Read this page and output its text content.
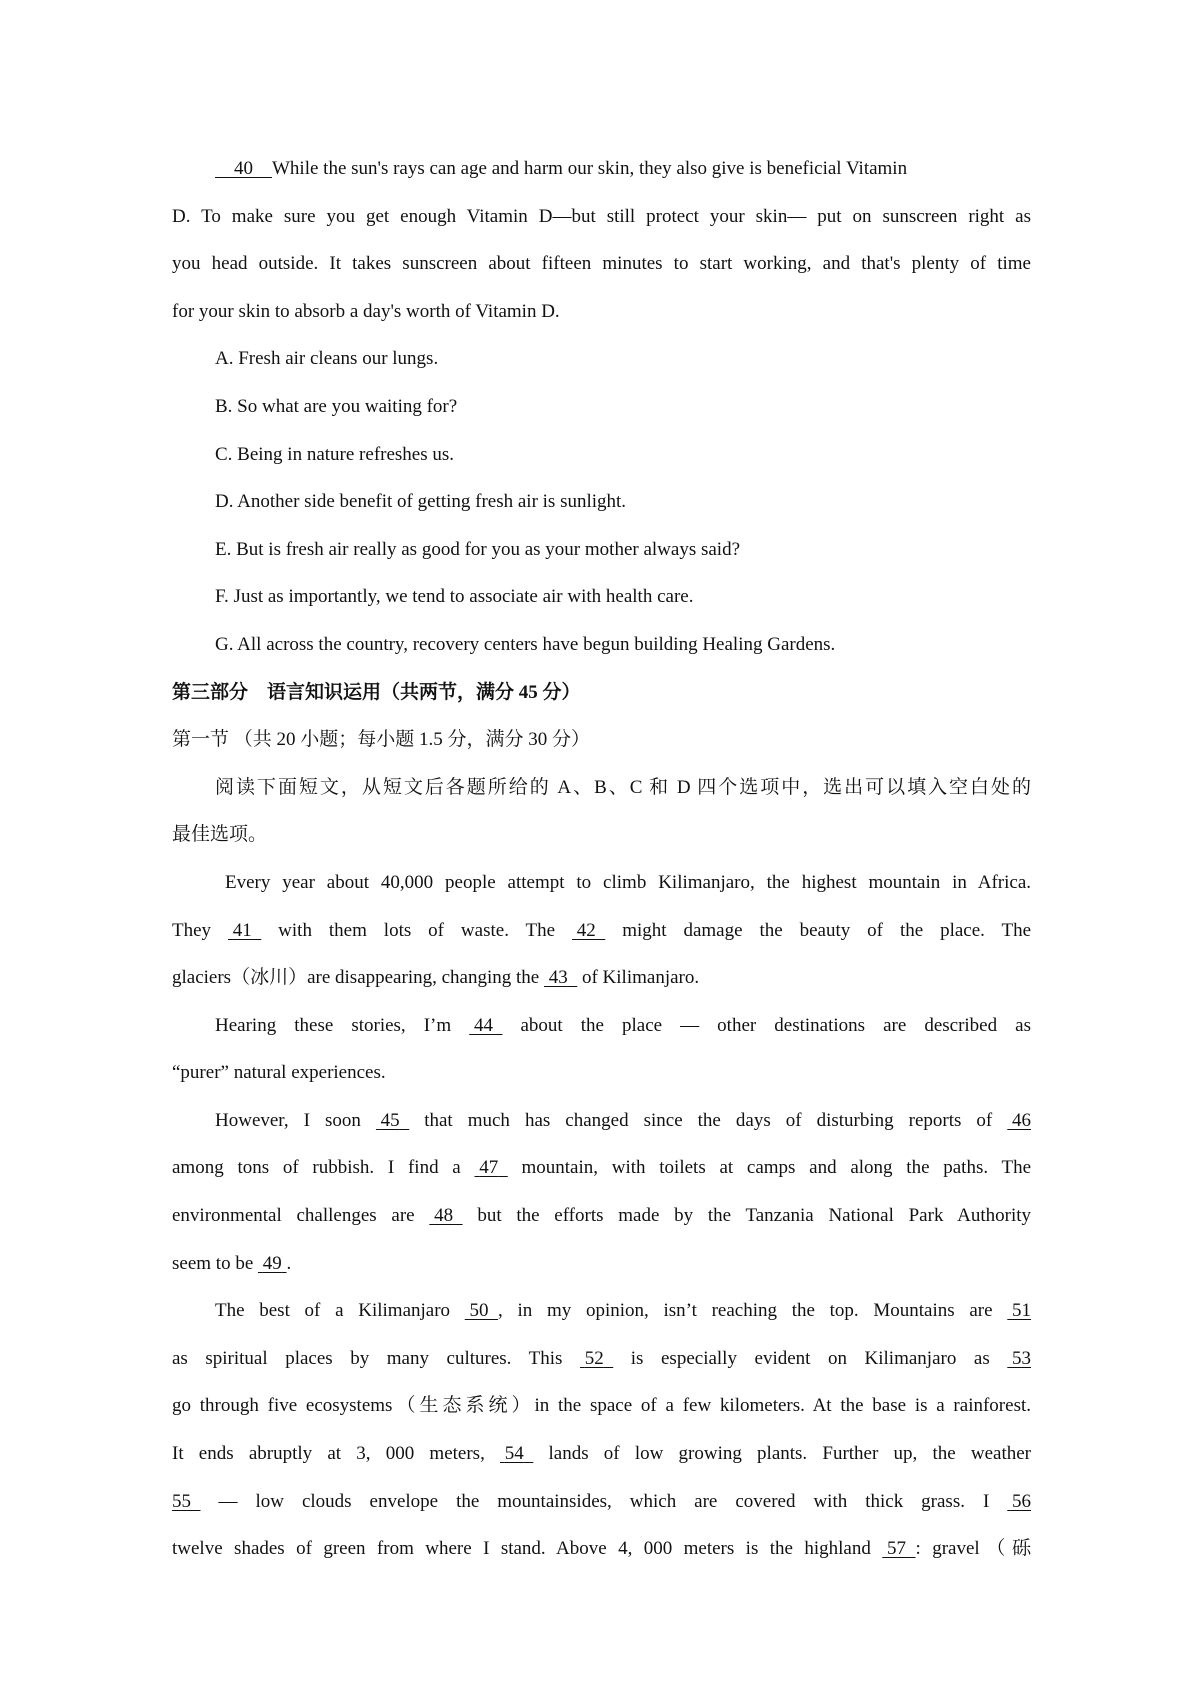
40 While the sun's rays can age and harm our skin, they also give is beneficial Vitamin
D. To make sure you get enough Vitamin D—but still protect your skin— put on sunscreen right as
you head outside. It takes sunscreen about fifteen minutes to start working, and that's plenty of time
for your skin to absorb a day's worth of Vitamin D.
A. Fresh air cleans our lungs.
B. So what are you waiting for?
C. Being in nature refreshes us.
D. Another side benefit of getting fresh air is sunlight.
E. But is fresh air really as good for you as your mother always said?
F. Just as importantly, we tend to associate air with health care.
G. All across the country, recovery centers have begun building Healing Gardens.
第三部分　语言知识运用（共两节，满分 45 分）
第一节 （共 20 小题；每小题 1.5 分，满分 30 分）
阅读下面短文，从短文后各题所给的 A、B、C 和 D 四个选项中，选出可以填入空白处的
最佳选项。
Every year about 40,000 people attempt to climb Kilimanjaro, the highest mountain in Africa.
They 41 with them lots of waste. The 42 might damage the beauty of the place. The
glaciers（冰川）are disappearing, changing the 43 of Kilimanjaro.
Hearing these stories, I’m 44 about the place — other destinations are described as
“purer” natural experiences.
However, I soon 45 that much has changed since the days of disturbing reports of 46
among tons of rubbish. I find a 47 mountain, with toilets at camps and along the paths. The
environmental challenges are 48 but the efforts made by the Tanzania National Park Authority
seem to be 49 .
The best of a Kilimanjaro 50 , in my opinion, isn’t reaching the top. Mountains are 51
as spiritual places by many cultures. This 52 is especially evident on Kilimanjaro as 53
go through five ecosystems（生态系统）in the space of a few kilometers. At the base is a rainforest.
It ends abruptly at 3, 000 meters, 54 lands of low growing plants. Further up, the weather
55 — low clouds envelope the mountainsides, which are covered with thick grass. I 56
twelve shades of green from where I stand. Above 4, 000 meters is the highland 57 : gravel（砾
